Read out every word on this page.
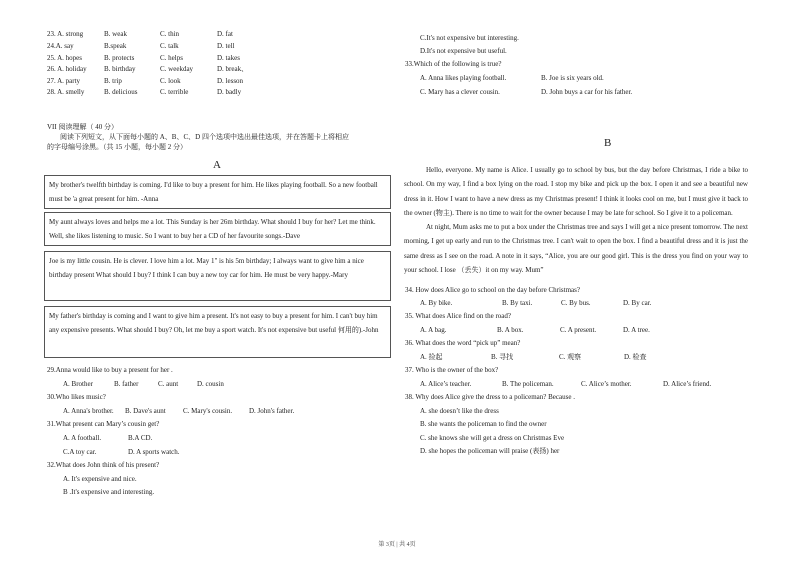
23. A. strong	B. weak	C. thin	D. fat
24.A. say	B.speak	C. talk	D. tell
25. A. hopes	B. protects	C. helps	D. takes
26. A. holiday B. birthday	C. weekday	D. break、
27. A. party	B. trip	C. look	D. lesson
28. A. smelly	B. delicious	C. terrible	D. badly
VII 阅读理解（ 40 分）
阅读下列短文，从下面每小题的 A、B、C、D 四个选项中选出最佳选项，并在答题卡上将相应
的字母编号涂黑。（共 15 小题，每小题 2 分）
A

My brother's twelfth birthday is coming. I'd like to buy a present for him. He likes playing football. So a new football must be 'a great present for him. -Anna

My aunt always loves and helps me a lot. This Sunday is her 26m birthday. What should I buy for her? Let me think. Well, she likes listening to music. So I want to buy her a CD of her favourite songs.-Dave

Joe is my little cousin. He is clever. I love him a lot. May 1" is his 5m birthday; I always want to give him a nice birthday present What should I buy? I think I can buy a new toy car for him. He must be very happy.-Mary

My father's birthday is coming and I want to give him a present. It's not easy to buy a present for him. I can't buy him any expensive presents. What should I buy? Oh, let me buy a sport watch. It's not expensive but useful 何用的).-John

29.Anna would like to buy a present for her .
A. Brother	B. father	C. aunt	D. cousin
30.Who likes music?
A. Anna's brother. B. Dave's aunt C. Mary's cousin. D. John's father.
31.What present can Mary’s cousin get?
A. A football.	B.A CD.
C.A toy car.	D. A sports watch.
32.What does John think of his present?
A. It's expensive and nice.
B .It's expensive and interesting.
C.It's not expensive but interesting.
D.It's not expensive but useful.
33.Which of the following is true?
A. Anna likes playing football.	B. Joe is six years old.
C. Mary has a clever cousin.	D. John buys a car for his father.
B

Hello, everyone. My name is Alice. I usually go to school by bus, but the day before Christmas, I ride a bike to school. On my way, I find a box lying on the road. I stop my bike and pick up the box. I open it and see a beautiful new dress in it. How I want to have a new dress as my Christmas present! I think it looks cool on me, but I must give it back to the owner (物主). There is no time to wait for the owner because I may be late for school. So I give it to a policeman.

At night, Mum asks me to put a box under the Christmas tree and says I will get a nice present tomorrow. The next morning, I get up early and run to the Christmas tree. I can't wait to open the box. I find a beautiful dress and it is just the same dress as I see on the road. A note in it says, “Alice, you are our good girl. This is the dress you find on your way to your school. I lose （丢失）it on my way. Mum”

34. How does Alice go to school on the day before Christmas?
A. By bike.	B. By taxi.	C. By bus.	D. By car.
35. What does Alice find on the road?
A. A bag.	B. A box.	C. A present.	D. A tree.
36. What does the word “pick up” mean?
A. 捡起	B. 寻找	C. 观察	D. 检查
37. Who is the owner of the box?
A. Alice’s teacher.	B. The policeman.	C. Alice’s mother.	D. Alice’s friend.
38. Why does Alice give the dress to a policeman? Because .
A. she doesn’t like the dress
B. she wants the policeman to find the owner
C. she knows she will get a dress on Christmas Eve
D. she hopes the policeman will praise (表扬) her
第 3页 | 共 4页
